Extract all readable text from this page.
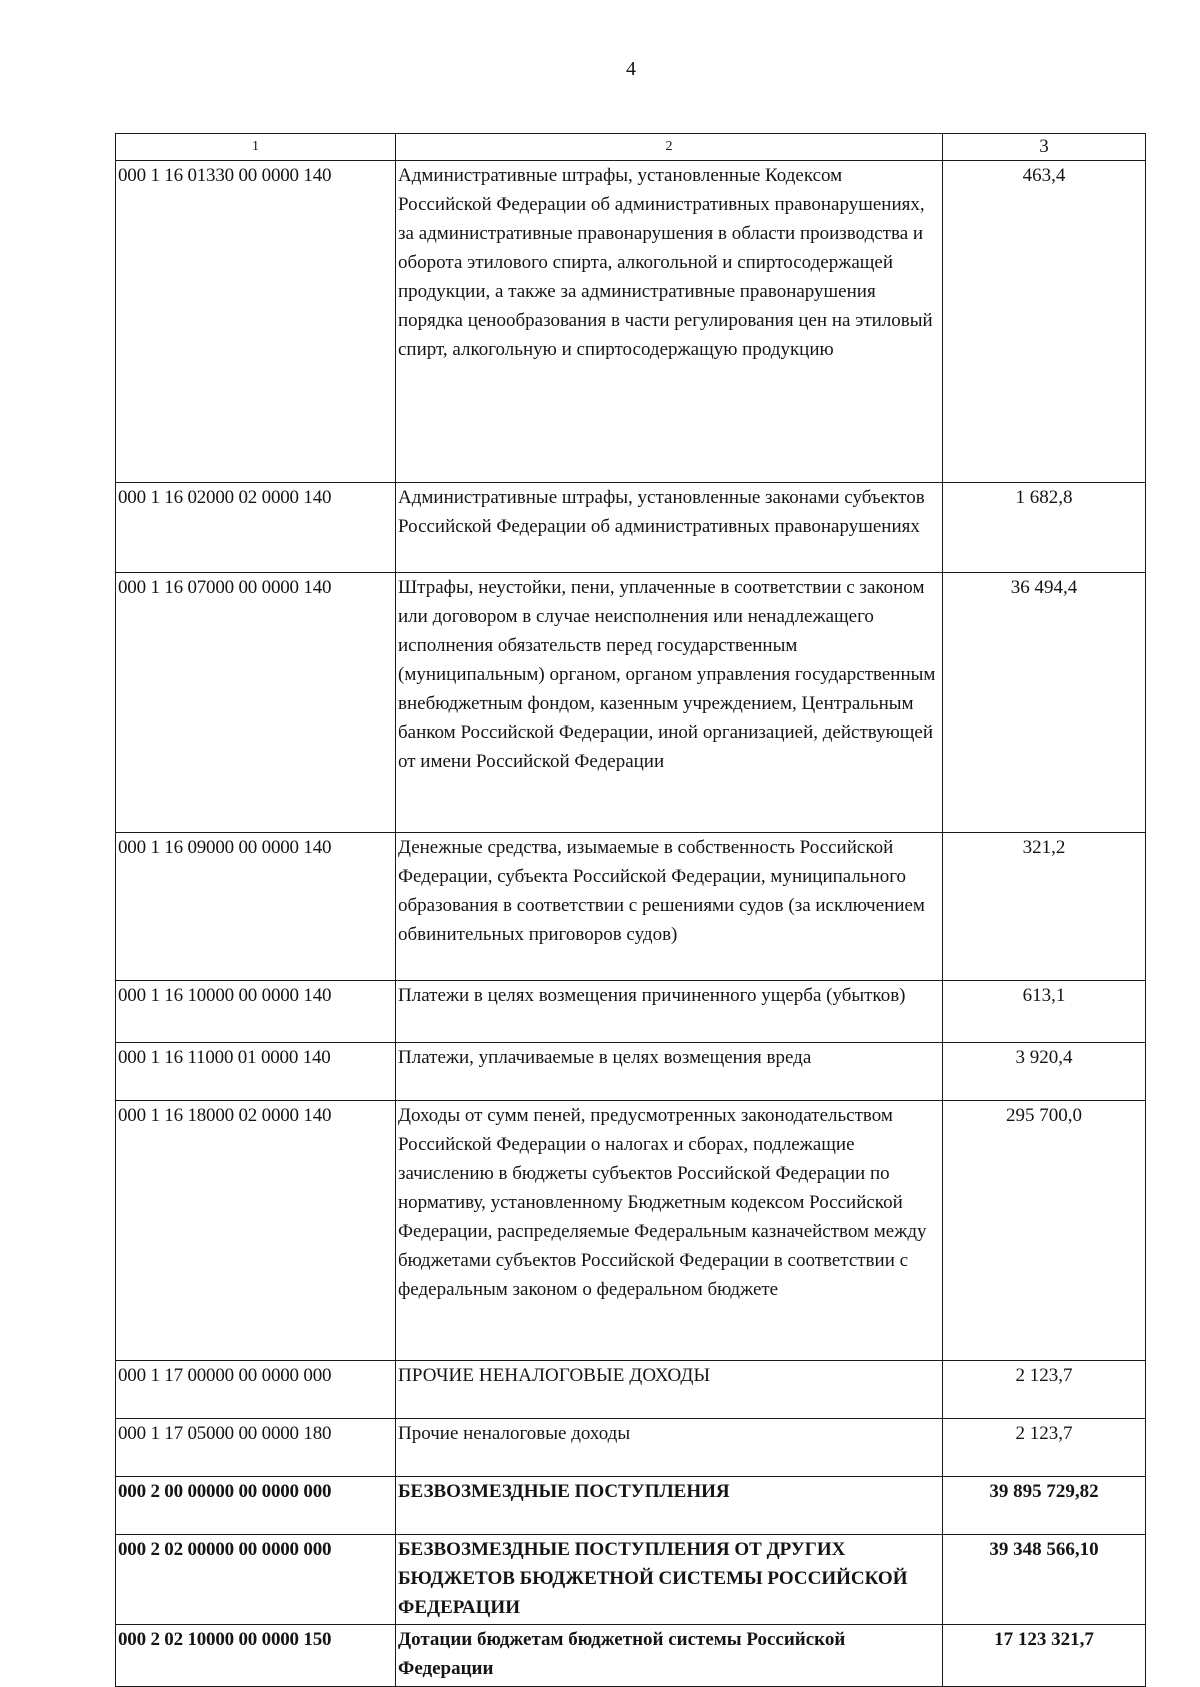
4
1	2	3
000 1 16 01330 00 0000 140	Административные штрафы, установленные Кодексом Российской Федерации об административных правонарушениях, за административные правонарушения в области производства и оборота этилового спирта, алкогольной и спиртосодержащей продукции, а также за административные правонарушения порядка ценообразования в части регулирования цен на этиловый спирт, алкогольную и спиртосодержащую продукцию	463,4
000 1 16 02000 02 0000 140	Административные штрафы, установленные законами субъектов Российской Федерации об административных правонарушениях	1 682,8
000 1 16 07000 00 0000 140	Штрафы, неустойки, пени, уплаченные в соответствии с законом или договором в случае неисполнения или ненадлежащего исполнения обязательств перед государственным (муниципальным) органом, органом управления государственным внебюджетным фондом, казенным учреждением, Центральным банком Российской Федерации, иной организацией, действующей от имени Российской Федерации	36 494,4
000 1 16 09000 00 0000 140	Денежные средства, изымаемые в собственность Российской Федерации, субъекта Российской Федерации, муниципального образования в соответствии с решениями судов (за исключением обвинительных приговоров судов)	321,2
000 1 16 10000 00 0000 140	Платежи в целях возмещения причиненного ущерба (убытков)	613,1
000 1 16 11000 01 0000 140	Платежи, уплачиваемые в целях возмещения вреда	3 920,4
000 1 16 18000 02 0000 140	Доходы от сумм пеней, предусмотренных законодательством Российской Федерации о налогах и сборах, подлежащие зачислению в бюджеты субъектов Российской Федерации по нормативу, установленному Бюджетным кодексом Российской Федерации, распределяемые Федеральным казначейством между бюджетами субъектов Российской Федерации в соответствии с федеральным законом о федеральном бюджете	295 700,0
000 1 17 00000 00 0000 000	ПРОЧИЕ НЕНАЛОГОВЫЕ ДОХОДЫ	2 123,7
000 1 17 05000 00 0000 180	Прочие неналоговые доходы	2 123,7
000 2 00 00000 00 0000 000	БЕЗВОЗМЕЗДНЫЕ ПОСТУПЛЕНИЯ	39 895 729,82
000 2 02 00000 00 0000 000	БЕЗВОЗМЕЗДНЫЕ ПОСТУПЛЕНИЯ ОТ ДРУГИХ БЮДЖЕТОВ БЮДЖЕТНОЙ СИСТЕМЫ РОССИЙСКОЙ ФЕДЕРАЦИИ	39 348 566,10
000 2 02 10000 00 0000 150	Дотации бюджетам бюджетной системы Российской Федерации	17 123 321,7
